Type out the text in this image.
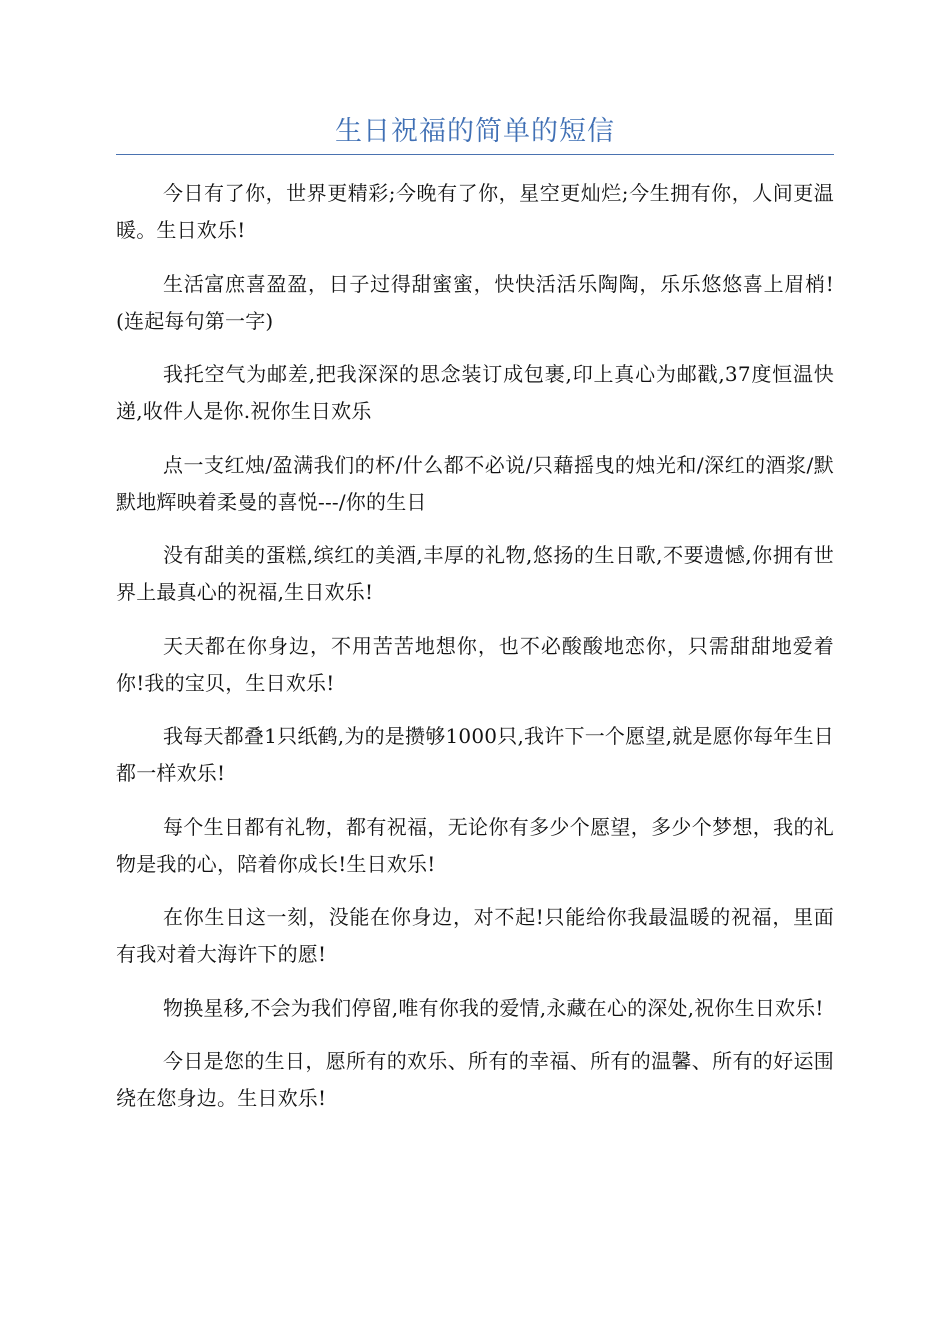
生日祝福的简单的短信

今日有了你，世界更精彩;今晚有了你，星空更灿烂;今生拥有你，人间更温暖。生日欢乐!

生活富庶喜盈盈，日子过得甜蜜蜜，快快活活乐陶陶，乐乐悠悠喜上眉梢!(连起每句第一字)

我托空气为邮差,把我深深的思念装订成包裹,印上真心为邮戳,37度恒温快递,收件人是你.祝你生日欢乐

点一支红烛/盈满我们的杯/什么都不必说/只藉摇曳的烛光和/深红的酒浆/默默地辉映着柔曼的喜悦---/你的生日

没有甜美的蛋糕,缤红的美酒,丰厚的礼物,悠扬的生日歌,不要遗憾,你拥有世界上最真心的祝福,生日欢乐!

天天都在你身边，不用苦苦地想你，也不必酸酸地恋你，只需甜甜地爱着你!我的宝贝，生日欢乐!

我每天都叠1只纸鹤,为的是攒够1000只,我许下一个愿望,就是愿你每年生日都一样欢乐!

每个生日都有礼物，都有祝福，无论你有多少个愿望，多少个梦想，我的礼物是我的心，陪着你成长!生日欢乐!

在你生日这一刻，没能在你身边，对不起!只能给你我最温暖的祝福，里面有我对着大海许下的愿!

物换星移,不会为我们停留,唯有你我的爱情,永藏在心的深处,祝你生日欢乐!

今日是您的生日，愿所有的欢乐、所有的幸福、所有的温馨、所有的好运围绕在您身边。生日欢乐!
